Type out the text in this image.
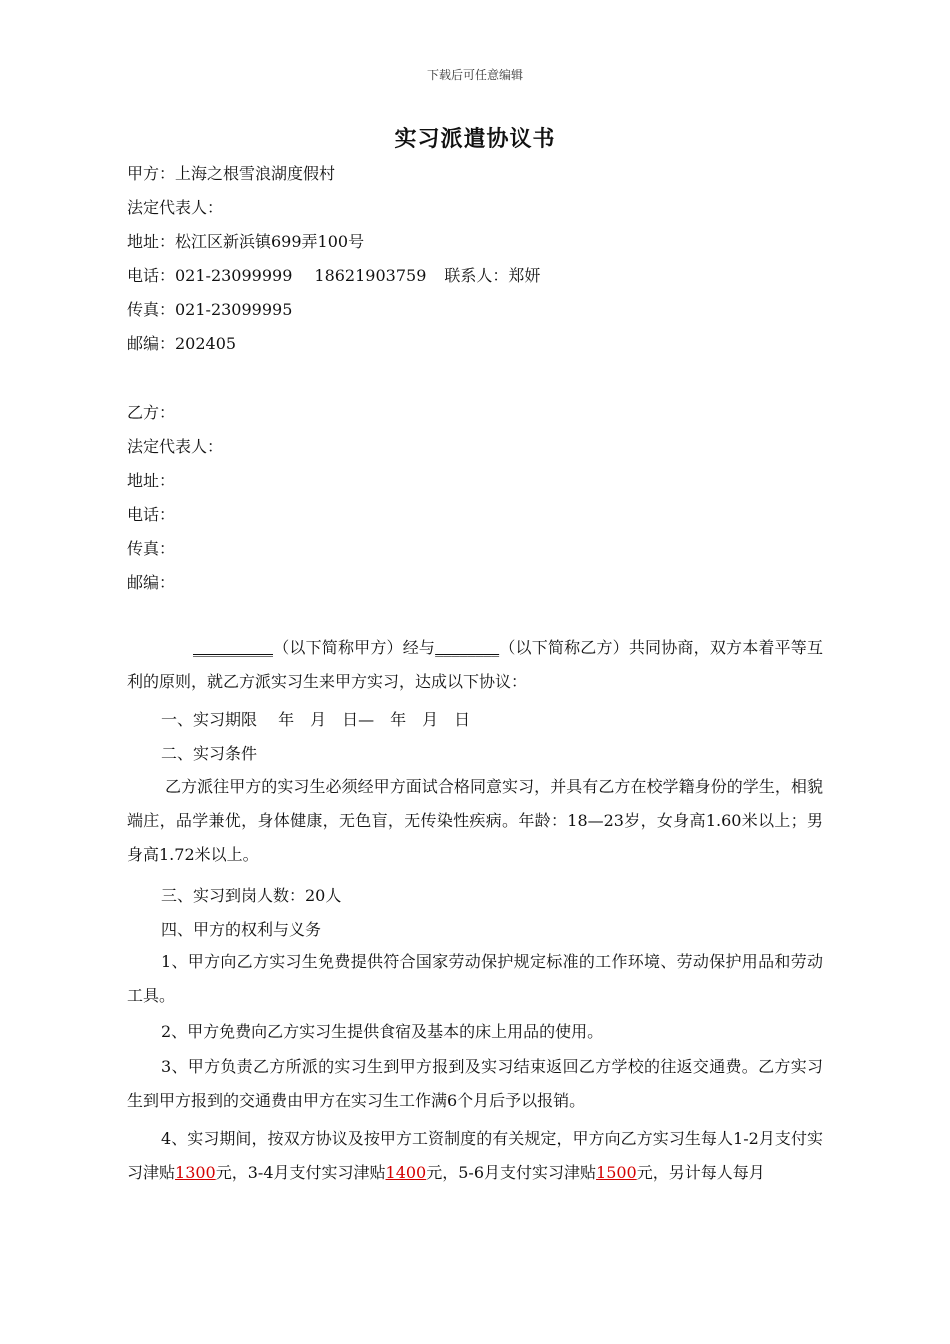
下载后可任意编辑
实习派遣协议书
甲方：上海之根雪浪湖度假村
法定代表人：
地址：松江区新浜镇699弄100号
电话：021-23099999 18621903759 联系人：郑妍
传真：021-23099995
邮编：202405
乙方：
法定代表人：
地址：
电话：
传真：
邮编：
__________（以下简称甲方）经与________（以下简称乙方）共同协商，双方本着平等互利的原则，就乙方派实习生来甲方实习，达成以下协议：
一、实习期限　 年　月　日—　年　月　日
二、实习条件
乙方派往甲方的实习生必须经甲方面试合格同意实习，并具有乙方在校学籍身份的学生，相貌端庄，品学兼优，身体健康，无色盲，无传染性疾病。年龄：18—23岁，女身高1.60米以上；男身高1.72米以上。
三、实习到岗人数：20人
四、甲方的权利与义务
1、甲方向乙方实习生免费提供符合国家劳动保护规定标准的工作环境、劳动保护用品和劳动工具。
2、甲方免费向乙方实习生提供食宿及基本的床上用品的使用。
3、甲方负责乙方所派的实习生到甲方报到及实习结束返回乙方学校的往返交通费。乙方实习生到甲方报到的交通费由甲方在实习生工作满6个月后予以报销。
4、实习期间，按双方协议及按甲方工资制度的有关规定，甲方向乙方实习生每人1-2月支付实习津贴1300元，3-4月支付实习津贴1400元，5-6月支付实习津贴1500元，另计每人每月
